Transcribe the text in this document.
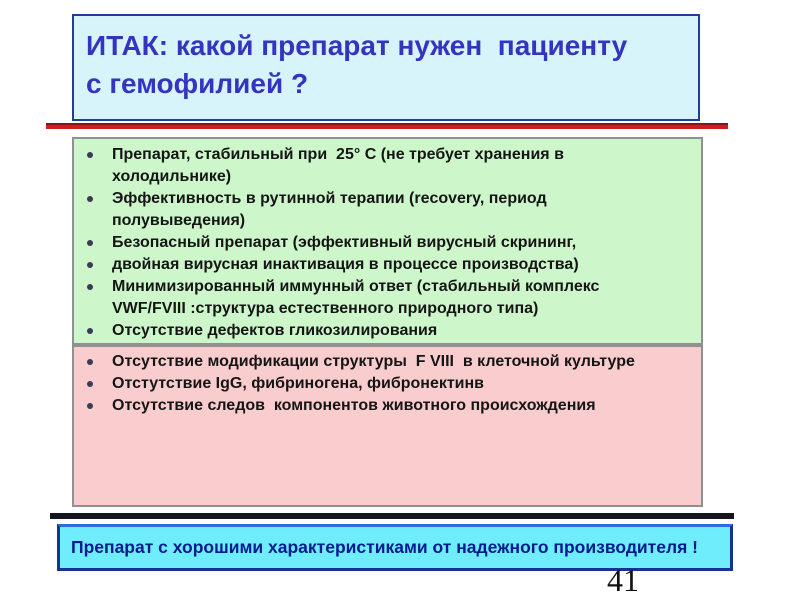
ИТАК: какой препарат нужен  пациенту
с гемофилией ?
Препарат, стабильный при  25° С (не требует хранения в
холодильнике)
Эффективность в рутинной терапии (recovery, период
полувыведения)
Безопасный препарат (эффективный вирусный скрининг,
двойная вирусная инактивация в процессе производства)
Минимизированный иммунный ответ (стабильный комплекс
VWF/FVIII :структура естественного природного типа)
Отсутствие дефектов гликозилирования
Отсутствие модификации структуры  F VIII  в клеточной культуре
Отстутствие IgG, фибриногена, фибронектинв
Отсутствие следов  компонентов животного происхождения
Препарат с хорошими характеристиками от надежного производителя !
41
